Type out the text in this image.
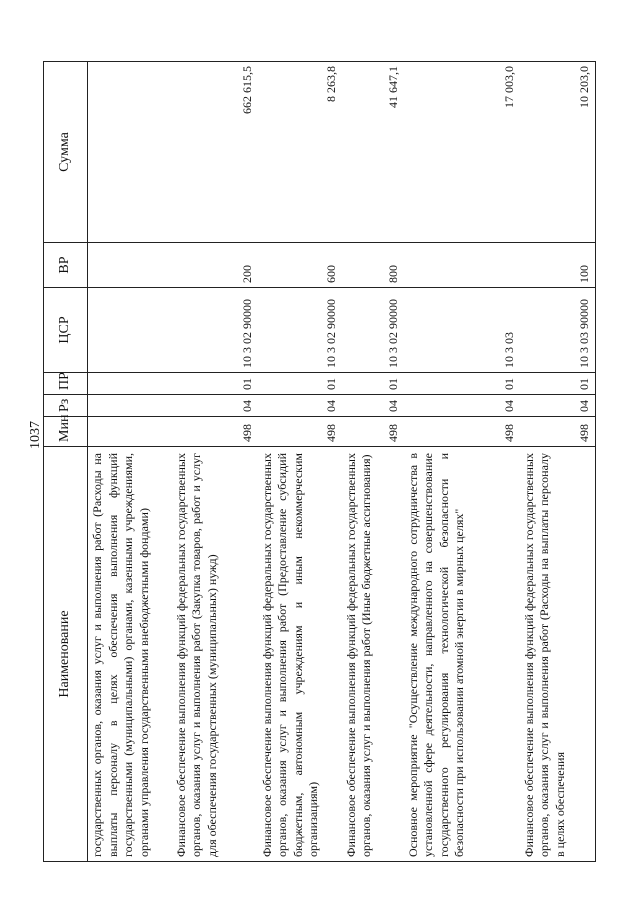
1037
Наименование	Мин	Рз	ПР	ЦСР	ВР	Сумма
государственных органов, оказания услуг и выполнения работ (Расходы на выплаты персоналу в целях обеспечения выполнения функций государственными (муниципальными) органами, казенными учреждениями, органами управления государственными внебюджетными фондами)						
Финансовое обеспечение выполнения функций федеральных государственных органов, оказания услуг и выполнения работ (Закупка товаров, работ и услуг для обеспечения государственных (муниципальных) нужд)	498	04	01	10 3 02 90000	200	662 615,5
Финансовое обеспечение выполнения функций федеральных государственных органов, оказания услуг и выполнения работ (Предоставление субсидий бюджетным, автономным учреждениям и иным некоммерческим организациям)	498	04	01	10 3 02 90000	600	8 263,8
Финансовое обеспечение выполнения функций федеральных государственных органов, оказания услуг и выполнения работ (Иные бюджетные ассигнования)	498	04	01	10 3 02 90000	800	41 647,1
Основное мероприятие "Осуществление международного сотрудничества в установленной сфере деятельности, направленного на совершенствование государственного регулирования технологической безопасности и безопасности при использовании атомной энергии в мирных целях"	498	04	01	10 3 03		17 003,0
Финансовое обеспечение выполнения функций федеральных государственных органов, оказания услуг и выполнения работ (Расходы на выплаты персоналу в целях обеспечения	498	04	01	10 3 03 90000	100	10 203,0
